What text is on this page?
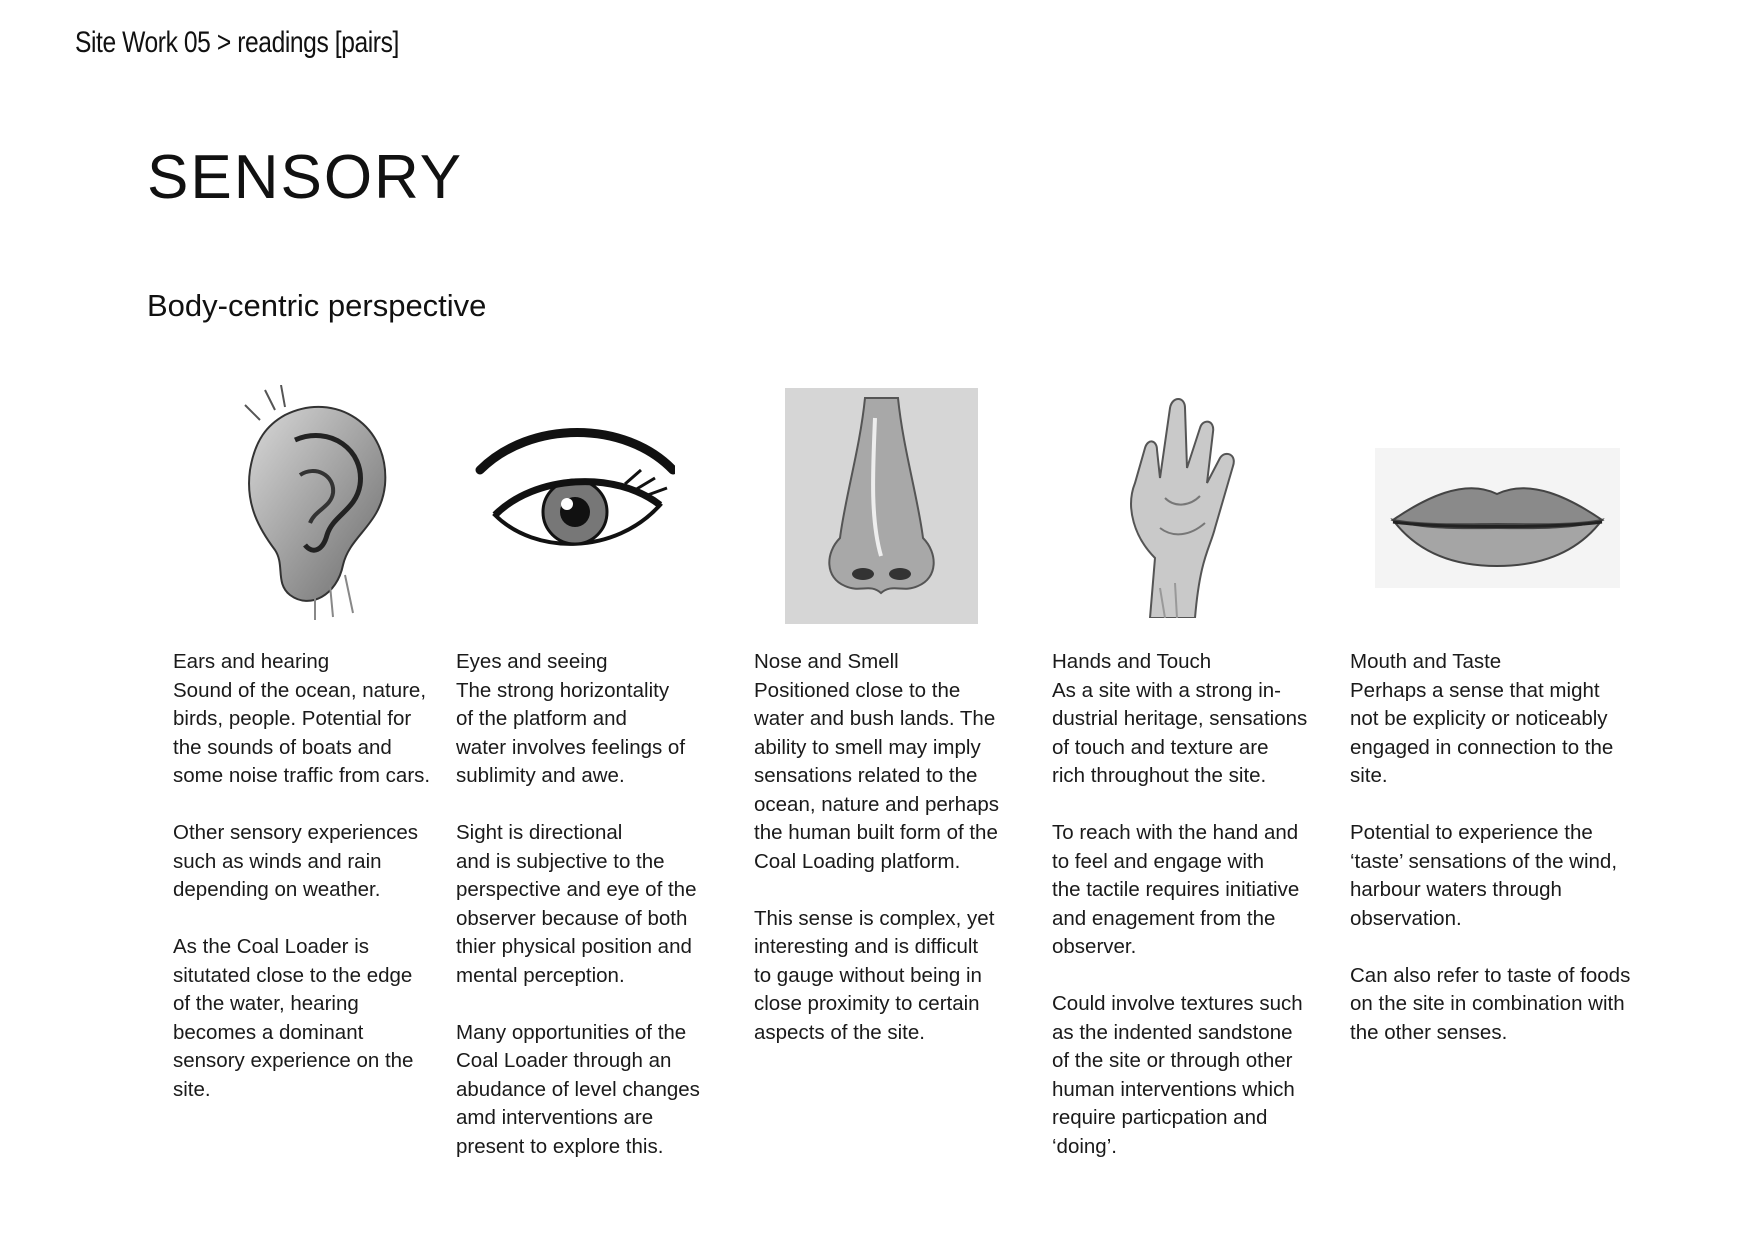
Site Work 05 > readings [pairs]
SENSORY
Body-centric perspective

Ears and hearing

Sound of the ocean, nature,
birds, people. Potential for
the sounds of boats and
some noise traffic from cars.

Other sensory experiences
such as winds and rain
depending on weather.

As the Coal Loader is
situtated close to the edge
of the water, hearing
becomes a dominant
sensory experience on the
site.

Eyes and seeing

The strong horizontality
of the platform and
water involves feelings of
sublimity and awe.

Sight is directional
and is subjective to the
perspective and eye of the
observer because of both
thier physical position and
mental perception.

Many opportunities of the
Coal Loader through an
abudance of level changes
amd interventions are
present to explore this.

Nose and Smell

Positioned close to the
water and bush lands. The
ability to smell may imply
sensations related to the
ocean, nature and perhaps
the human built form of the
Coal Loading platform.

This sense is complex, yet
interesting and is difficult
to gauge without being in
close proximity to certain
aspects of the site.

Hands and Touch

As a site with a strong in-
dustrial heritage, sensations
of touch and texture are
rich throughout the site.

To reach with the hand and
to feel and engage with
the tactile requires initiative
and enagement from the
observer.

Could involve textures such
as the indented sandstone
of the site or through other
human interventions which
require particpation and
‘doing’.

Mouth and Taste

Perhaps a sense that might
not be explicity or noticeably
engaged in connection to the
site.

Potential to experience the
‘taste’ sensations of the wind,
harbour waters through
observation.

Can also refer to taste of foods
on the site in combination with
the other senses.
